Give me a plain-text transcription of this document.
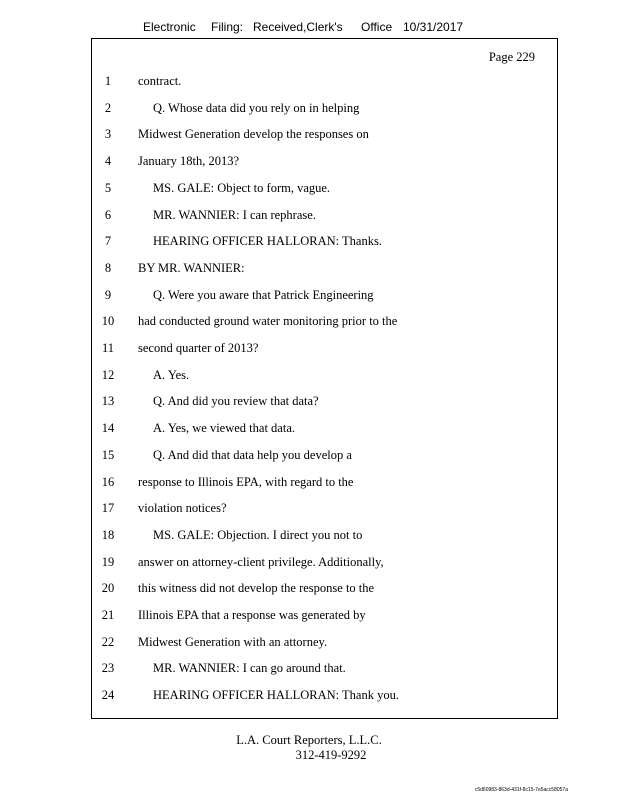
Electronic Filing: Received,Clerk's Office 10/31/2017
Page 229
1	contract.
2	Q. Whose data did you rely on in helping
3	Midwest Generation develop the responses on
4	January 18th, 2013?
5	MS. GALE: Object to form, vague.
6	MR. WANNIER: I can rephrase.
7	HEARING OFFICER HALLORAN: Thanks.
8	BY MR. WANNIER:
9	Q. Were you aware that Patrick Engineering
10	had conducted ground water monitoring prior to the
11	second quarter of 2013?
12	A. Yes.
13	Q. And did you review that data?
14	A. Yes, we viewed that data.
15	Q. And did that data help you develop a
16	response to Illinois EPA, with regard to the
17	violation notices?
18	MS. GALE: Objection. I direct you not to
19	answer on attorney-client privilege. Additionally,
20	this witness did not develop the response to the
21	Illinois EPA that a response was generated by
22	Midwest Generation with an attorney.
23	MR. WANNIER: I can go around that.
24	HEARING OFFICER HALLORAN: Thank you.
L.A. Court Reporters, L.L.C.
312-419-9292
c5d60983-863d-431f-8c15-7e5acc58057a
